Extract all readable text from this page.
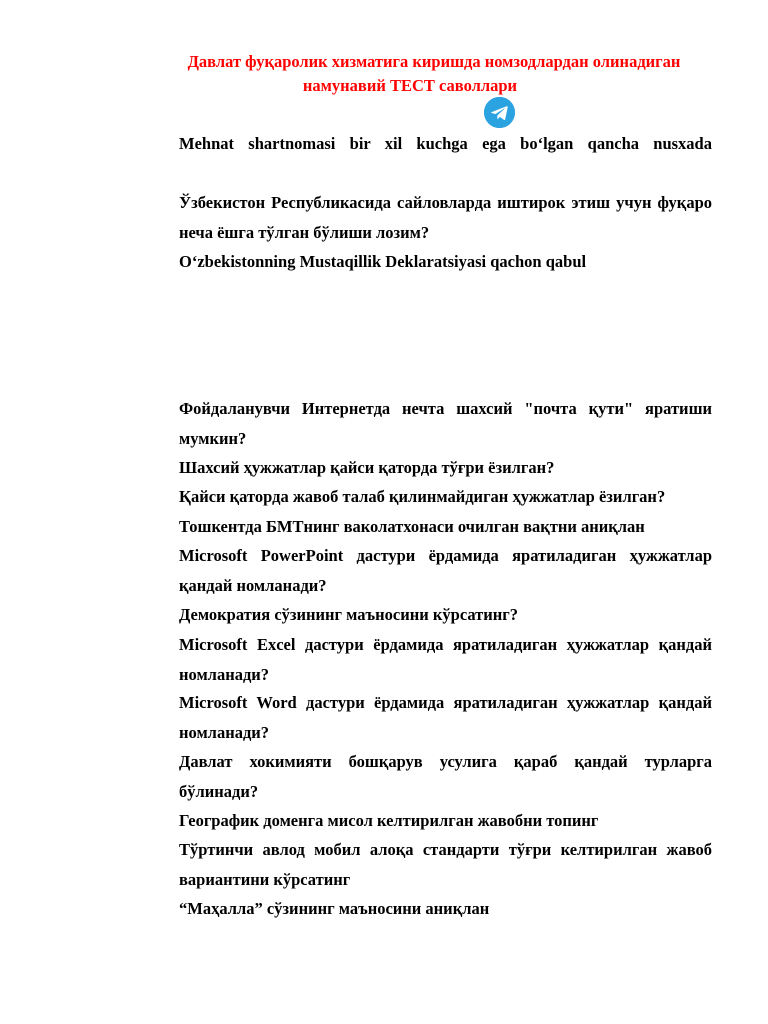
Давлат фуқаролик хизматига киришда номзодлардан олинадиган
намунавий ТЕСТ саволлари
Mehnat shartnomasi bir xil kuchga ega bo‘lgan qancha nusxada
Ўзбекистон Республикасида сайловларда иштирок этиш учун фуқаро неча ёшга тўлган бўлиши лозим?
O‘zbekistonning Mustaqillik Deklaratsiyasi qachon qabul
Фойдаланувчи Интернетда нечта шахсий "почта қути" яратиши мумкин?
Шахсий ҳужжатлар қайси қаторда тўғри ёзилган?
Қайси қаторда жавоб талаб қилинмайдиган ҳужжатлар ёзилган?
Тошкентда БМТнинг ваколатхонаси очилган вақтни аниқлан
Microsoft PowerPoint дастури ёрдамида яратиладиган ҳужжатлар қандай номланади?
Демократия сўзининг маъносини кўрсатинг?
Microsoft Excel дастури ёрдамида яратиладиган ҳужжатлар қандай номланади?
Microsoft Word дастури ёрдамида яратиладиган ҳужжатлар қандай номланади?
Давлат хокимияти бошқарув усулига қараб қандай турларга бўлинади?
Географик доменга мисол келтирилган жавобни топинг
Тўртинчи авлод мобил алоқа стандарти тўғри келтирилган жавоб вариантини кўрсатинг
“Маҳалла” сўзининг маъносини аниқлан
